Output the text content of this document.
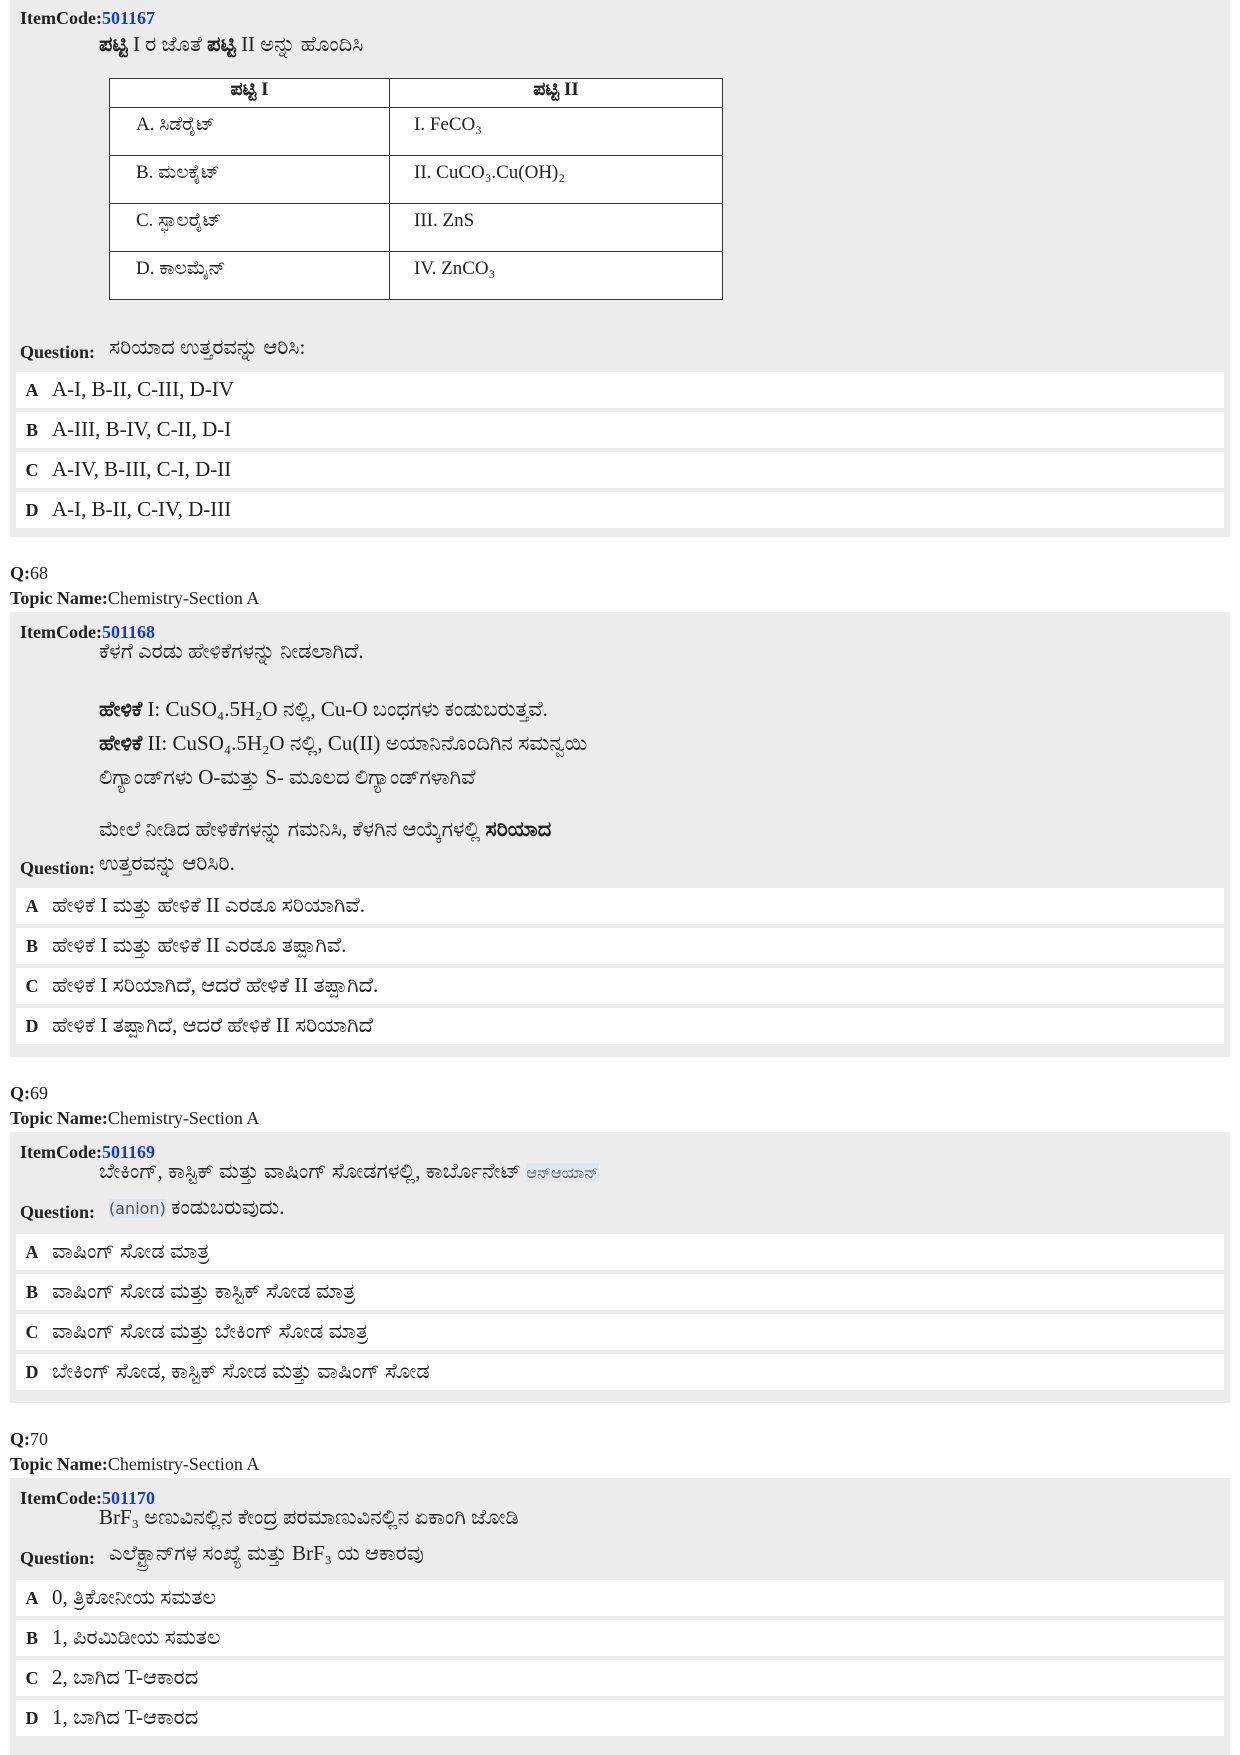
ItemCode:501167
ಪಟ್ಟಿ I ರ ಜೊತೆ ಪಟ್ಟಿ II ಅನ್ನು ಹೊಂದಿಸಿ
ಪಟ್ಟಿ I	ಪಟ್ಟಿ II
A. ಸಿಡೆರೈಟ್	I. FeCO₃
B. ಮಲಕೈಟ್	II. CuCO₃.Cu(OH)₂
C. ಸ್ಫಾಲರೈಟ್	III. ZnS
D. ಕಾಲಮೈನ್	IV. ZnCO₃
Question: ಸರಿಯಾದ ಉತ್ತರವನ್ನು ಆರಿಸಿ:
A A-I, B-II, C-III, D-IV
B A-III, B-IV, C-II, D-I
C A-IV, B-III, C-I, D-II
D A-I, B-II, C-IV, D-III
Q:68
Topic Name:Chemistry-Section A
ItemCode:501168
ಕೆಳಗೆ ಎರಡು ಹೇಳಿಕೆಗಳನ್ನು ನೀಡಲಾಗಿದೆ.
ಹೇಳಿಕೆ I: CuSO₄.5H₂O ನಲ್ಲಿ, Cu-O ಬಂಧಗಳು ಕಂಡುಬರುತ್ತವೆ.
ಹೇಳಿಕೆ II: CuSO₄.5H₂O ನಲ್ಲಿ, Cu(II) ಅಯಾನಿನೊಂದಿಗಿನ ಸಮನ್ವಯಿ
ಲಿಗ್ಯಾಂಡ್‌ಗಳು O-ಮತ್ತು S- ಮೂಲದ ಲಿಗ್ಯಾಂಡ್‌ಗಳಾಗಿವೆ
ಮೇಲೆ ನೀಡಿದ ಹೇಳಿಕೆಗಳನ್ನು ಗಮನಿಸಿ, ಕೆಳಗಿನ ಆಯ್ಕೆಗಳಲ್ಲಿ ಸರಿಯಾದ
Question: ಉತ್ತರವನ್ನು ಆರಿಸಿರಿ.
A ಹೇಳಿಕೆ I ಮತ್ತು ಹೇಳಿಕೆ II ಎರಡೂ ಸರಿಯಾಗಿವೆ.
B ಹೇಳಿಕೆ I ಮತ್ತು ಹೇಳಿಕೆ II ಎರಡೂ ತಪ್ಪಾಗಿವೆ.
C ಹೇಳಿಕೆ I ಸರಿಯಾಗಿದೆ, ಆದರೆ ಹೇಳಿಕೆ II ತಪ್ಪಾಗಿದೆ.
D ಹೇಳಿಕೆ I ತಪ್ಪಾಗಿದೆ, ಆದರೆ ಹೇಳಿಕೆ II ಸರಿಯಾಗಿದೆ
Q:69
Topic Name:Chemistry-Section A
ItemCode:501169
ಬೇಕಿಂಗ್, ಕಾಸ್ಟಿಕ್ ಮತ್ತು ವಾಷಿಂಗ್ ಸೋಡಗಳಲ್ಲಿ, ಕಾರ್ಬೊನೇಟ್ ಆನ್‌ಆಯಾನ್
Question: (anion) ಕಂಡುಬರುವುದು.
A ವಾಷಿಂಗ್ ಸೋಡ ಮಾತ್ರ
B ವಾಷಿಂಗ್ ಸೋಡ ಮತ್ತು ಕಾಸ್ಟಿಕ್ ಸೋಡ ಮಾತ್ರ
C ವಾಷಿಂಗ್ ಸೋಡ ಮತ್ತು ಬೇಕಿಂಗ್ ಸೋಡ ಮಾತ್ರ
D ಬೇಕಿಂಗ್ ಸೋಡ, ಕಾಸ್ಟಿಕ್ ಸೋಡ ಮತ್ತು ವಾಷಿಂಗ್ ಸೋಡ
Q:70
Topic Name:Chemistry-Section A
ItemCode:501170
BrF₃ ಅಣುವಿನಲ್ಲಿನ ಕೇಂದ್ರ ಪರಮಾಣುವಿನಲ್ಲಿನ ಏಕಾಂಗಿ ಜೋಡಿ
Question: ಎಲೆಕ್ಟ್ರಾನ್‌ಗಳ ಸಂಖ್ಯೆ ಮತ್ತು BrF₃ ಯ ಆಕಾರವು
A 0, ತ್ರಿಕೋನೀಯ ಸಮತಲ
B 1, ಪಿರಮಿಡೀಯ ಸಮತಲ
C 2, ಬಾಗಿದ T-ಆಕಾರದ
D 1, ಬಾಗಿದ T-ಆಕಾರದ
